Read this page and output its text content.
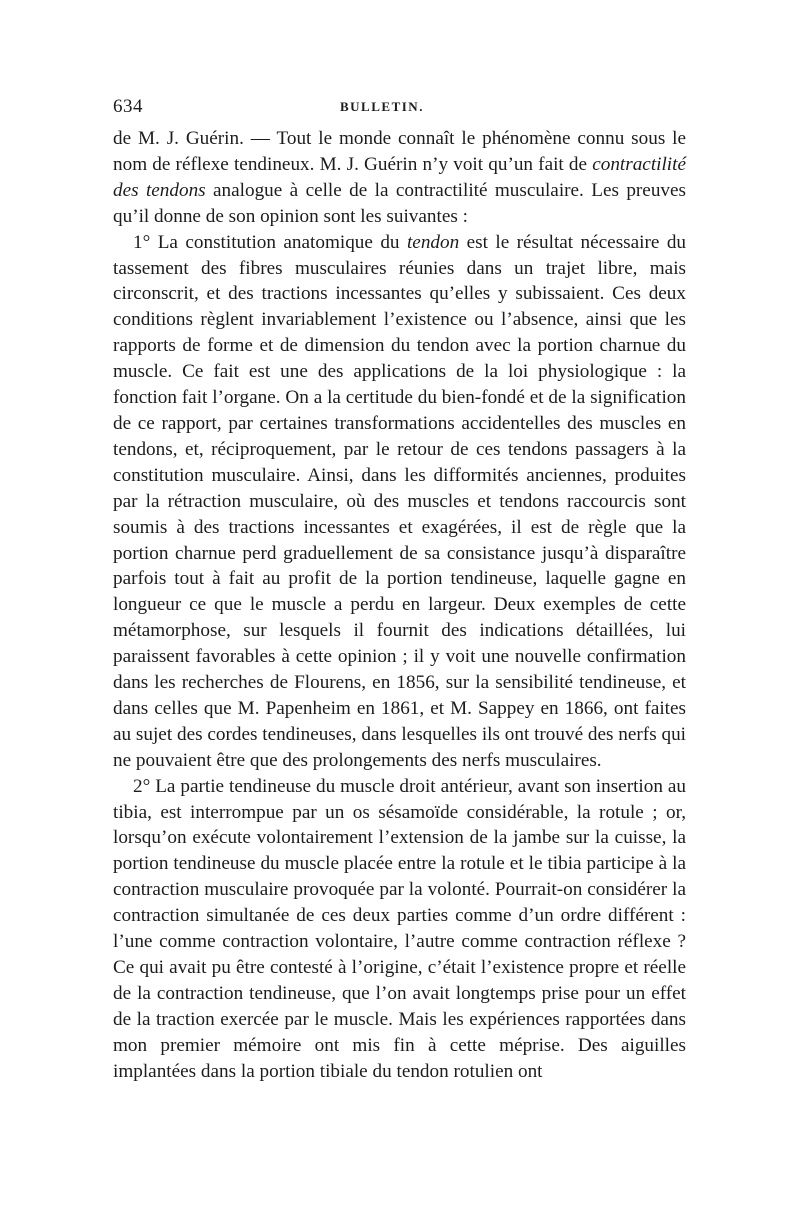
634	BULLETIN.

de M. J. Guérin. — Tout le monde connaît le phénomène connu sous le nom de réflexe tendineux. M. J. Guérin n’y voit qu’un fait de contractilité des tendons analogue à celle de la contractilité musculaire. Les preuves qu’il donne de son opinion sont les suivantes :

1° La constitution anatomique du tendon est le résultat nécessaire du tassement des fibres musculaires réunies dans un trajet libre, mais circonscrit, et des tractions incessantes qu’elles y subissaient. Ces deux conditions règlent invariablement l’existence ou l’absence, ainsi que les rapports de forme et de dimension du tendon avec la portion charnue du muscle. Ce fait est une des applications de la loi physiologique : la fonction fait l’organe. On a la certitude du bien-fondé et de la signification de ce rapport, par certaines transformations accidentelles des muscles en tendons, et, réciproquement, par le retour de ces tendons passagers à la constitution musculaire. Ainsi, dans les difformités anciennes, produites par la rétraction musculaire, où des muscles et tendons raccourcis sont soumis à des tractions incessantes et exagérées, il est de règle que la portion charnue perd graduellement de sa consistance jusqu’à disparaître parfois tout à fait au profit de la portion tendineuse, laquelle gagne en longueur ce que le muscle a perdu en largeur. Deux exemples de cette métamorphose, sur lesquels il fournit des indications détaillées, lui paraissent favorables à cette opinion ; il y voit une nouvelle confirmation dans les recherches de Flourens, en 1856, sur la sensibilité tendineuse, et dans celles que M. Papenheim en 1861, et M. Sappey en 1866, ont faites au sujet des cordes tendineuses, dans lesquelles ils ont trouvé des nerfs qui ne pouvaient être que des prolongements des nerfs musculaires.

2° La partie tendineuse du muscle droit antérieur, avant son insertion au tibia, est interrompue par un os sésamoïde considérable, la rotule ; or, lorsqu’on exécute volontairement l’extension de la jambe sur la cuisse, la portion tendineuse du muscle placée entre la rotule et le tibia participe à la contraction musculaire provoquée par la volonté. Pourrait-on considérer la contraction simultanée de ces deux parties comme d’un ordre différent : l’une comme contraction volontaire, l’autre comme contraction réflexe ? Ce qui avait pu être contesté à l’origine, c’était l’existence propre et réelle de la contraction tendineuse, que l’on avait longtemps prise pour un effet de la traction exercée par le muscle. Mais les expériences rapportées dans mon premier mémoire ont mis fin à cette méprise. Des aiguilles implantées dans la portion tibiale du tendon rotulien ont
